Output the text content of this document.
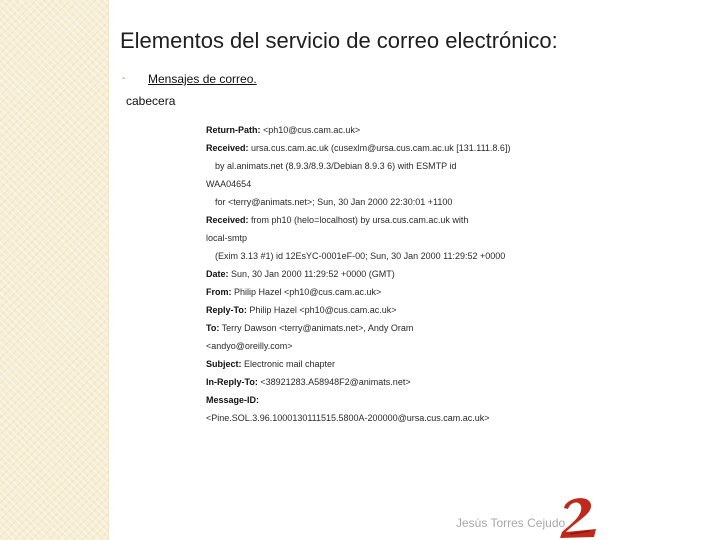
Elementos del servicio de correo electrónico:
- Mensajes de correo.
cabecera
Return-Path: <ph10@cus.cam.ac.uk>
Received: ursa.cus.cam.ac.uk (cusexlm@ursa.cus.cam.ac.uk [131.111.8.6])
by al.animats.net (8.9.3/8.9.3/Debian 8.9.3 6) with ESMTP id
WAA04654
for <terry@animats.net>; Sun, 30 Jan 2000 22:30:01 +1100
Received: from ph10 (helo=localhost) by ursa.cus.cam.ac.uk with
local-smtp
(Exim 3.13 #1) id 12EsYC-0001eF-00; Sun, 30 Jan 2000 11:29:52 +0000
Date: Sun, 30 Jan 2000 11:29:52 +0000 (GMT)
From: Philip Hazel <ph10@cus.cam.ac.uk>
Reply-To: Philip Hazel <ph10@cus.cam.ac.uk>
To: Terry Dawson <terry@animats.net>, Andy Oram
<andyo@oreilly.com>
Subject: Electronic mail chapter
In-Reply-To: <38921283.A58948F2@animats.net>
Message-ID:
<Pine.SOL.3.96.1000130111515.5800A-200000@ursa.cus.cam.ac.uk>
Jesús Torres Cejudo
